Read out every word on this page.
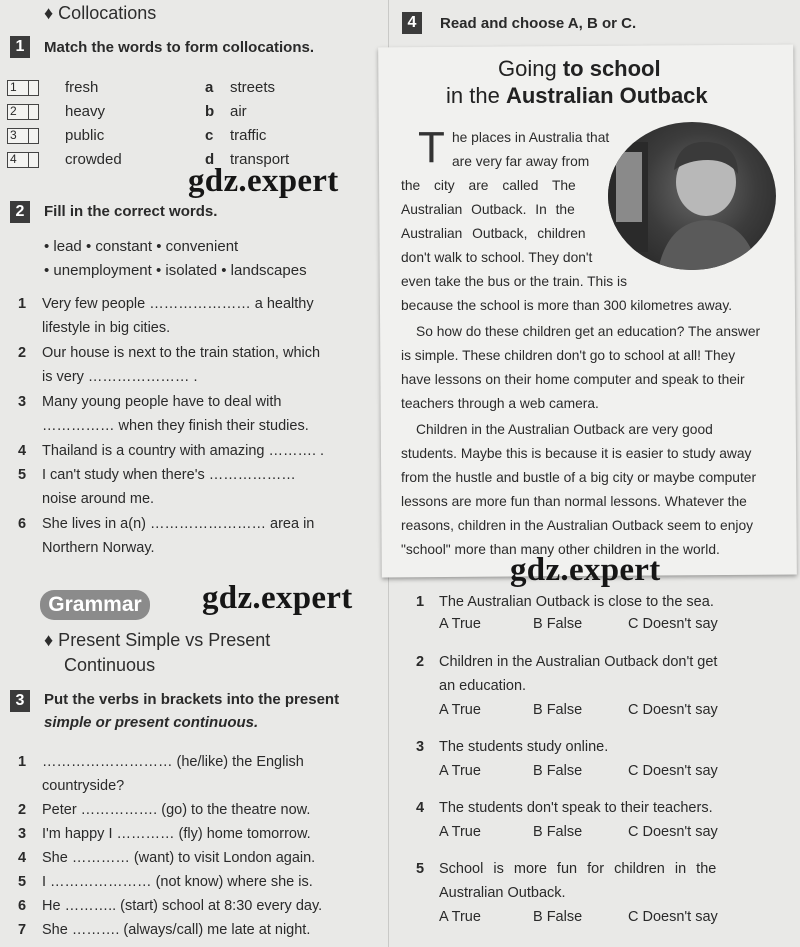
♦ Collocations
1	Match the words to form collocations.
1	fresh	a streets
2	heavy	b air
3	public	c traffic
4	crowded	d transport
gdz.expert
2	Fill in the correct words.
• lead • constant • convenient
• unemployment • isolated • landscapes
1 Very few people ………………… a healthy
lifestyle in big cities.
2 Our house is next to the train station, which
is very ………………… .
3 Many young people have to deal with
…………… when they finish their studies.
4 Thailand is a country with amazing ………. .
5 I can't study when there's ………………
noise around me.
6 She lives in a(n) …………………… area in
Northern Norway.
Grammar gdz.expert
♦ Present Simple vs Present
Continuous
3	Put the verbs in brackets into the present
simple or present continuous.
1 ……………………… (he/like) the English
countryside?
2 Peter ……………. (go) to the theatre now.
3 I'm happy I ………… (fly) home tomorrow.
4 She ………… (want) to visit London again.
5 I ………………… (not know) where she is.
6 He ……….. (start) school at 8:30 every day.
7 She ………. (always/call) me late at night.
4	Read and choose A, B or C.
Going to school
in the Australian Outback
T he places in Australia that
are very far away from
the city are called The
Australian Outback. In the
Australian Outback, children
don't walk to school. They don't
even take the bus or the train. This is
because the school is more than 300 kilometres away.
So how do these children get an education? The answer
is simple. These children don't go to school at all! They
have lessons on their home computer and speak to their
teachers through a web camera.
Children in the Australian Outback are very good
students. Maybe this is because it is easier to study away
from the hustle and bustle of a big city or maybe computer
lessons are more fun than normal lessons. Whatever the
reasons, children in the Australian Outback seem to enjoy
"school" more than many other children in the world.
gdz.expert
1 The Australian Outback is close to the sea.
A True	B False	C Doesn't say
2 Children in the Australian Outback don't get
an education.
A True	B False	C Doesn't say
3 The students study online.
A True	B False	C Doesn't say
4 The students don't speak to their teachers.
A True	B False	C Doesn't say
5 School is more fun for children in the
Australian Outback.
A True	B False	C Doesn't say
